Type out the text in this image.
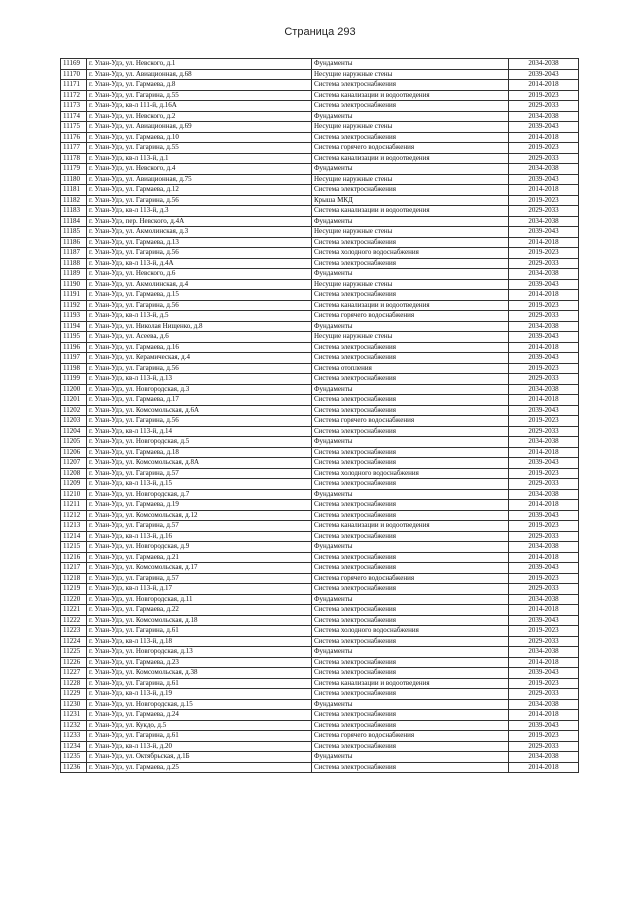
Страница 293
11169	г. Улан-Удэ, ул. Невского, д.1	Фундаменты	2034-2038
11170	г. Улан-Удэ, ул. Авиационная, д.68	Несущие наружные стены	2039-2043
11171	г. Улан-Удэ, ул. Гармаева, д.8	Система электроснабжения	2014-2018
11172	г. Улан-Удэ, ул. Гагарина, д.55	Система канализации и водоотведения	2019-2023
11173	г. Улан-Удэ, кв-л 111-й, д.16А	Система электроснабжения	2029-2033
11174	г. Улан-Удэ, ул. Невского, д.2	Фундаменты	2034-2038
11175	г. Улан-Удэ, ул. Авиационная, д.69	Несущие наружные стены	2039-2043
11176	г. Улан-Удэ, ул. Гармаева, д.10	Система электроснабжения	2014-2018
11177	г. Улан-Удэ, ул. Гагарина, д.55	Система горячего водоснабжения	2019-2023
11178	г. Улан-Удэ, кв-л 113-й, д.1	Система канализации и водоотведения	2029-2033
11179	г. Улан-Удэ, ул. Невского, д.4	Фундаменты	2034-2038
11180	г. Улан-Удэ, ул. Авиационная, д.75	Несущие наружные стены	2039-2043
11181	г. Улан-Удэ, ул. Гармаева, д.12	Система электроснабжения	2014-2018
11182	г. Улан-Удэ, ул. Гагарина, д.56	Крыша МКД	2019-2023
11183	г. Улан-Удэ, кв-л 113-й, д.3	Система канализации и водоотведения	2029-2033
11184	г. Улан-Удэ, пер. Невского, д.4А	Фундаменты	2034-2038
11185	г. Улан-Удэ, ул. Акмолинская, д.3	Несущие наружные стены	2039-2043
11186	г. Улан-Удэ, ул. Гармаева, д.13	Система электроснабжения	2014-2018
11187	г. Улан-Удэ, ул. Гагарина, д.56	Система холодного водоснабжения	2019-2023
11188	г. Улан-Удэ, кв-л 113-й, д.4А	Система электроснабжения	2029-2033
11189	г. Улан-Удэ, ул. Невского, д.6	Фундаменты	2034-2038
11190	г. Улан-Удэ, ул. Акмолинская, д.4	Несущие наружные стены	2039-2043
11191	г. Улан-Удэ, ул. Гармаева, д.15	Система электроснабжения	2014-2018
11192	г. Улан-Удэ, ул. Гагарина, д.56	Система канализации и водоотведения	2019-2023
11193	г. Улан-Удэ, кв-л 113-й, д.5	Система горячего водоснабжения	2029-2033
11194	г. Улан-Удэ, ул. Николая Нищенко, д.8	Фундаменты	2034-2038
11195	г. Улан-Удэ, ул. Асеева, д.6	Несущие наружные стены	2039-2043
11196	г. Улан-Удэ, ул. Гармаева, д.16	Система электроснабжения	2014-2018
11197	г. Улан-Удэ, ул. Керамическая, д.4	Система электроснабжения	2039-2043
11198	г. Улан-Удэ, ул. Гагарина, д.56	Система отопления	2019-2023
11199	г. Улан-Удэ, кв-л 113-й, д.13	Система электроснабжения	2029-2033
11200	г. Улан-Удэ, ул. Новгородская, д.3	Фундаменты	2034-2038
11201	г. Улан-Удэ, ул. Гармаева, д.17	Система электроснабжения	2014-2018
11202	г. Улан-Удэ, ул. Комсомольская, д.6А	Система электроснабжения	2039-2043
11203	г. Улан-Удэ, ул. Гагарина, д.56	Система горячего водоснабжения	2019-2023
11204	г. Улан-Удэ, кв-л 113-й, д.14	Система электроснабжения	2029-2033
11205	г. Улан-Удэ, ул. Новгородская, д.5	Фундаменты	2034-2038
11206	г. Улан-Удэ, ул. Гармаева, д.18	Система электроснабжения	2014-2018
11207	г. Улан-Удэ, ул. Комсомольская, д.8А	Система электроснабжения	2039-2043
11208	г. Улан-Удэ, ул. Гагарина, д.57	Система холодного водоснабжения	2019-2023
11209	г. Улан-Удэ, кв-л 113-й, д.15	Система электроснабжения	2029-2033
11210	г. Улан-Удэ, ул. Новгородская, д.7	Фундаменты	2034-2038
11211	г. Улан-Удэ, ул. Гармаева, д.19	Система электроснабжения	2014-2018
11212	г. Улан-Удэ, ул. Комсомольская, д.12	Система электроснабжения	2039-2043
11213	г. Улан-Удэ, ул. Гагарина, д.57	Система канализации и водоотведения	2019-2023
11214	г. Улан-Удэ, кв-л 113-й, д.16	Система электроснабжения	2029-2033
11215	г. Улан-Удэ, ул. Новгородская, д.9	Фундаменты	2034-2038
11216	г. Улан-Удэ, ул. Гармаева, д.21	Система электроснабжения	2014-2018
11217	г. Улан-Удэ, ул. Комсомольская, д.17	Система электроснабжения	2039-2043
11218	г. Улан-Удэ, ул. Гагарина, д.57	Система горячего водоснабжения	2019-2023
11219	г. Улан-Удэ, кв-л 113-й, д.17	Система электроснабжения	2029-2033
11220	г. Улан-Удэ, ул. Новгородская, д.11	Фундаменты	2034-2038
11221	г. Улан-Удэ, ул. Гармаева, д.22	Система электроснабжения	2014-2018
11222	г. Улан-Удэ, ул. Комсомольская, д.18	Система электроснабжения	2039-2043
11223	г. Улан-Удэ, ул. Гагарина, д.61	Система холодного водоснабжения	2019-2023
11224	г. Улан-Удэ, кв-л 113-й, д.18	Система электроснабжения	2029-2033
11225	г. Улан-Удэ, ул. Новгородская, д.13	Фундаменты	2034-2038
11226	г. Улан-Удэ, ул. Гармаева, д.23	Система электроснабжения	2014-2018
11227	г. Улан-Удэ, ул. Комсомольская, д.38	Система электроснабжения	2039-2043
11228	г. Улан-Удэ, ул. Гагарина, д.61	Система канализации и водоотведения	2019-2023
11229	г. Улан-Удэ, кв-л 113-й, д.19	Система электроснабжения	2029-2033
11230	г. Улан-Удэ, ул. Новгородская, д.15	Фундаменты	2034-2038
11231	г. Улан-Удэ, ул. Гармаева, д.24	Система электроснабжения	2014-2018
11232	г. Улан-Удэ, ул. Кукдо, д.5	Система электроснабжения	2039-2043
11233	г. Улан-Удэ, ул. Гагарина, д.61	Система горячего водоснабжения	2019-2023
11234	г. Улан-Удэ, кв-л 113-й, д.20	Система электроснабжения	2029-2033
11235	г. Улан-Удэ, ул. Октябрьская, д.1Б	Фундаменты	2034-2038
11236	г. Улан-Удэ, ул. Гармаева, д.25	Система электроснабжения	2014-2018
